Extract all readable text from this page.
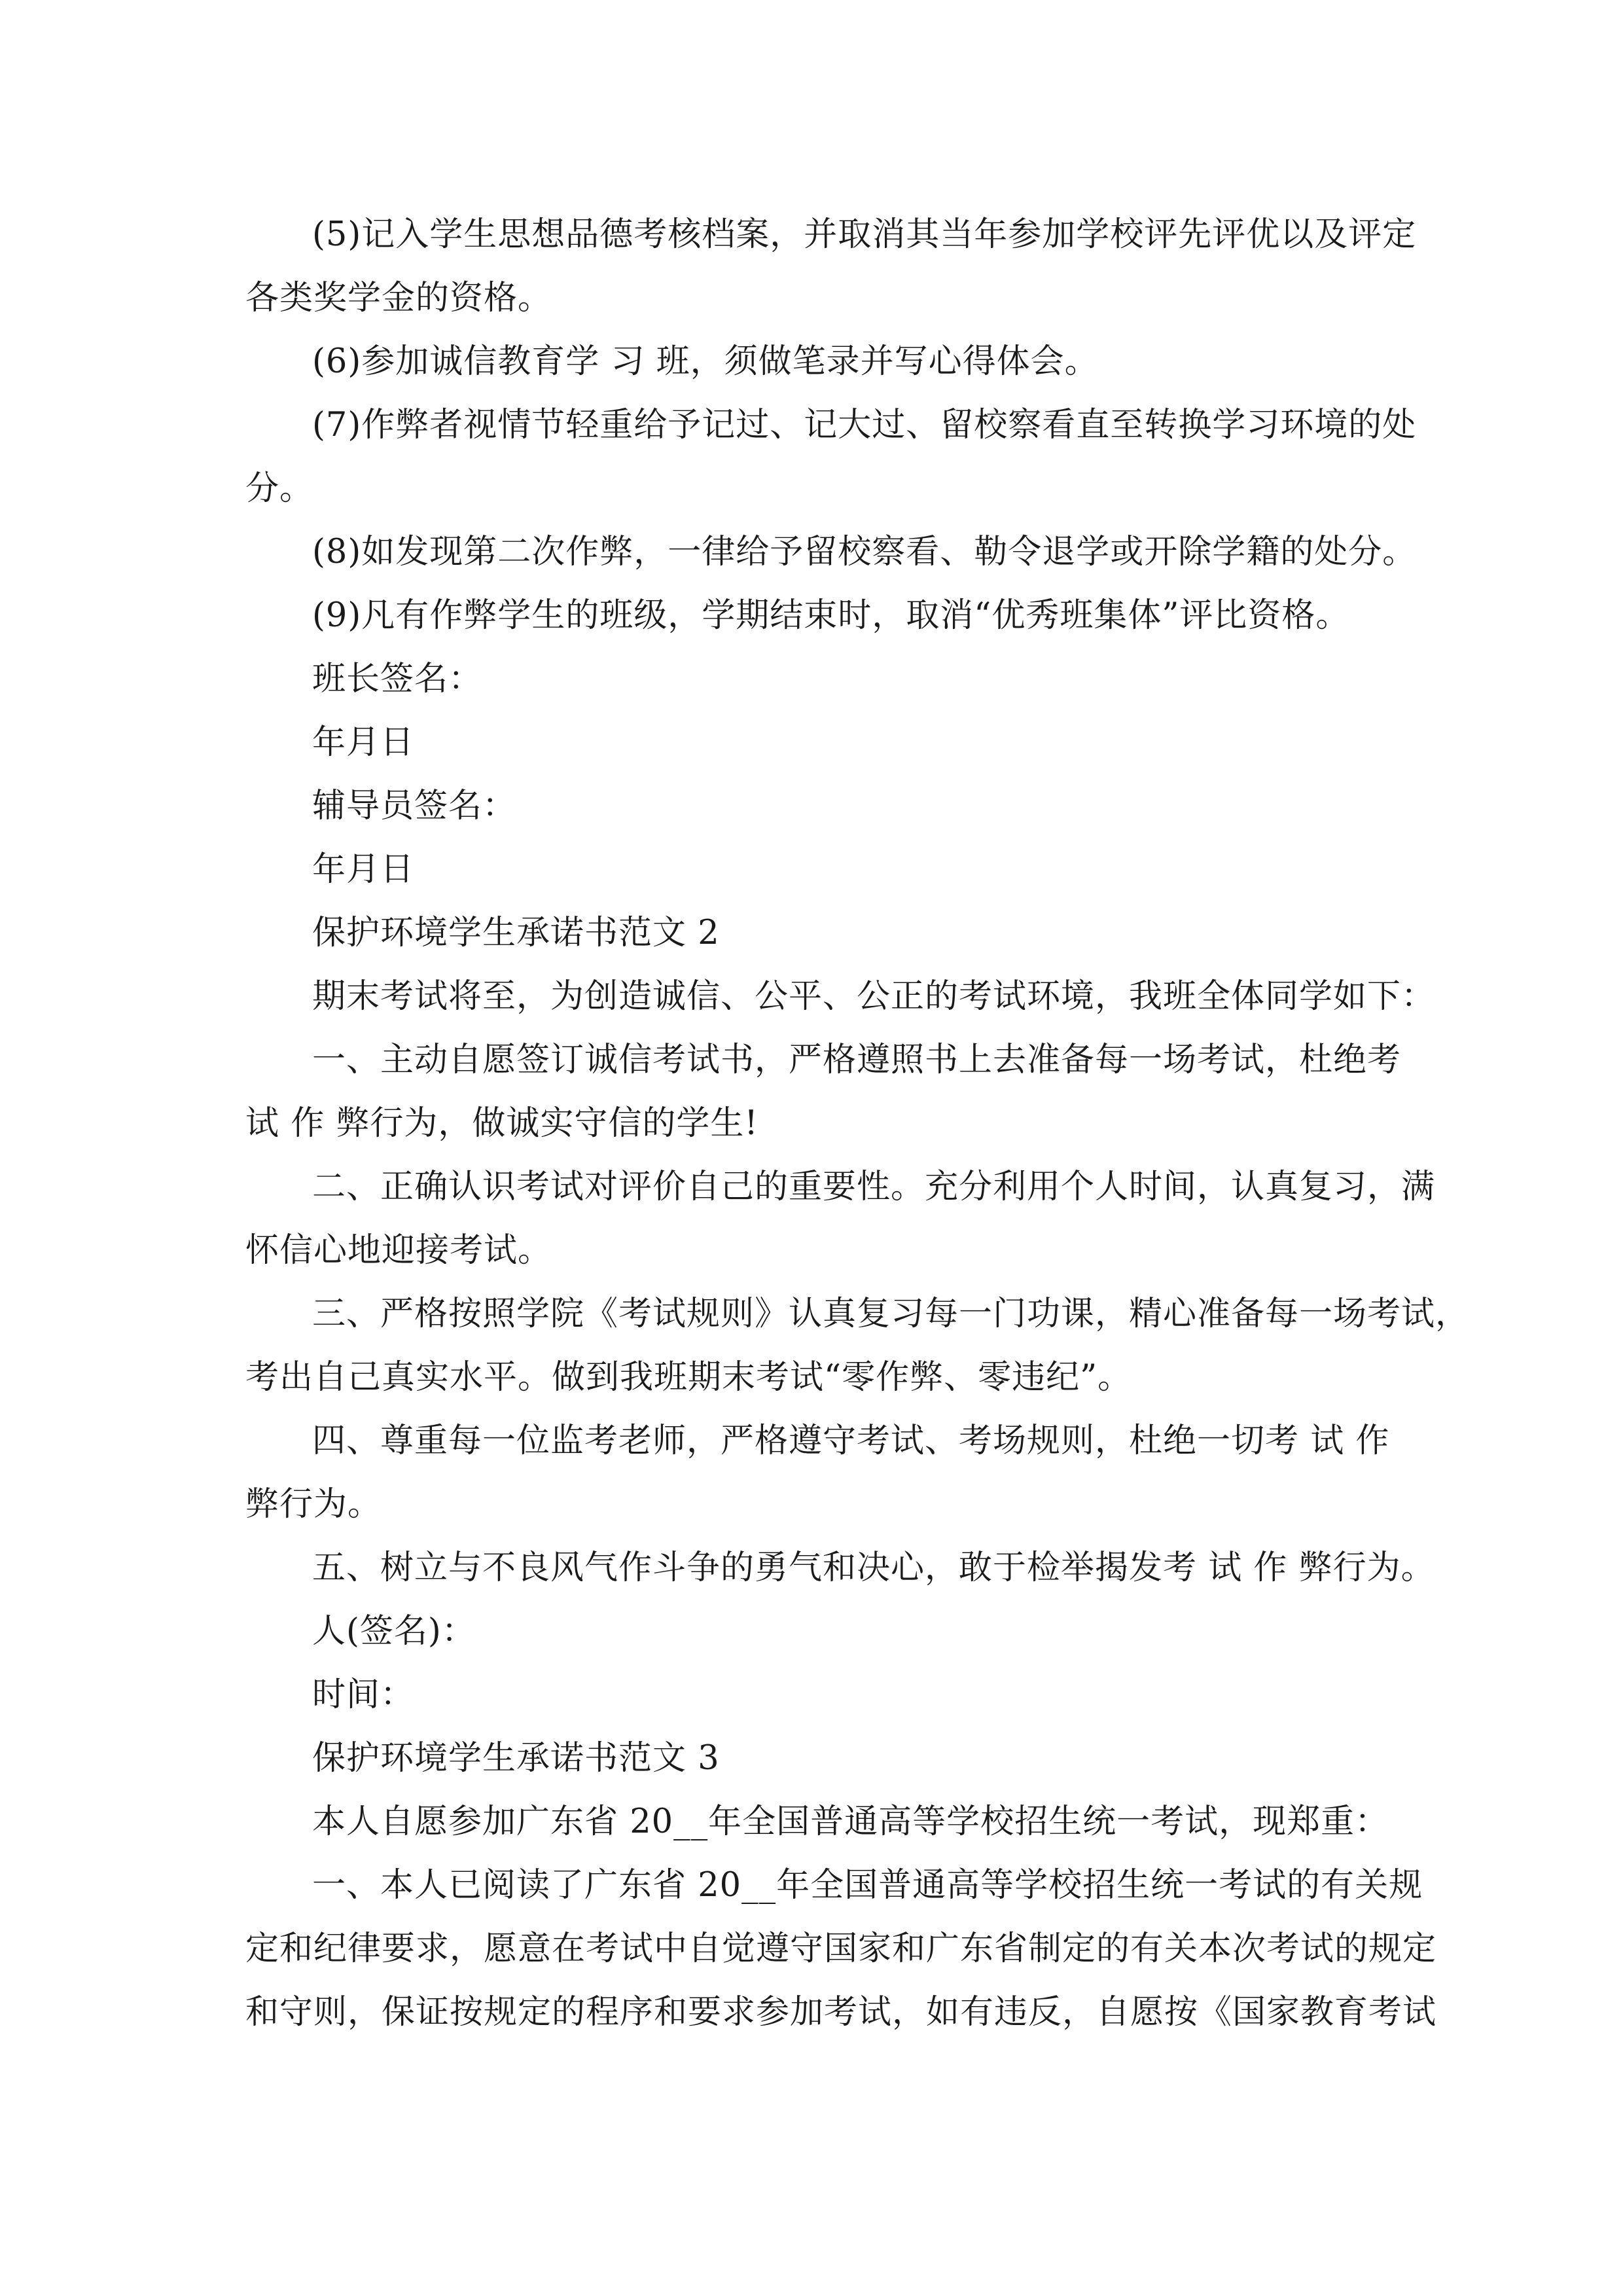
(5)记入学生思想品德考核档案，并取消其当年参加学校评先评优以及评定
各类奖学金的资格。
(6)参加诚信教育学 习 班，须做笔录并写心得体会。
(7)作弊者视情节轻重给予记过、记大过、留校察看直至转换学习环境的处
分。
(8)如发现第二次作弊，一律给予留校察看、勒令退学或开除学籍的处分。
(9)凡有作弊学生的班级，学期结束时，取消“优秀班集体”评比资格。
班长签名：
年月日
辅导员签名：
年月日
保护环境学生承诺书范文 2
期末考试将至，为创造诚信、公平、公正的考试环境，我班全体同学如下：
一、主动自愿签订诚信考试书，严格遵照书上去准备每一场考试，杜绝考
试 作 弊行为，做诚实守信的学生!
二、正确认识考试对评价自己的重要性。充分利用个人时间，认真复习，满
怀信心地迎接考试。
三、严格按照学院《考试规则》认真复习每一门功课，精心准备每一场考试，
考出自己真实水平。做到我班期末考试“零作弊、零违纪”。
四、尊重每一位监考老师，严格遵守考试、考场规则，杜绝一切考 试 作
弊行为。
五、树立与不良风气作斗争的勇气和决心，敢于检举揭发考 试 作 弊行为。
人(签名)：
时间：
保护环境学生承诺书范文 3
本人自愿参加广东省 20__年全国普通高等学校招生统一考试，现郑重：
一、本人已阅读了广东省 20__年全国普通高等学校招生统一考试的有关规
定和纪律要求，愿意在考试中自觉遵守国家和广东省制定的有关本次考试的规定
和守则，保证按规定的程序和要求参加考试，如有违反，自愿按《国家教育考试
